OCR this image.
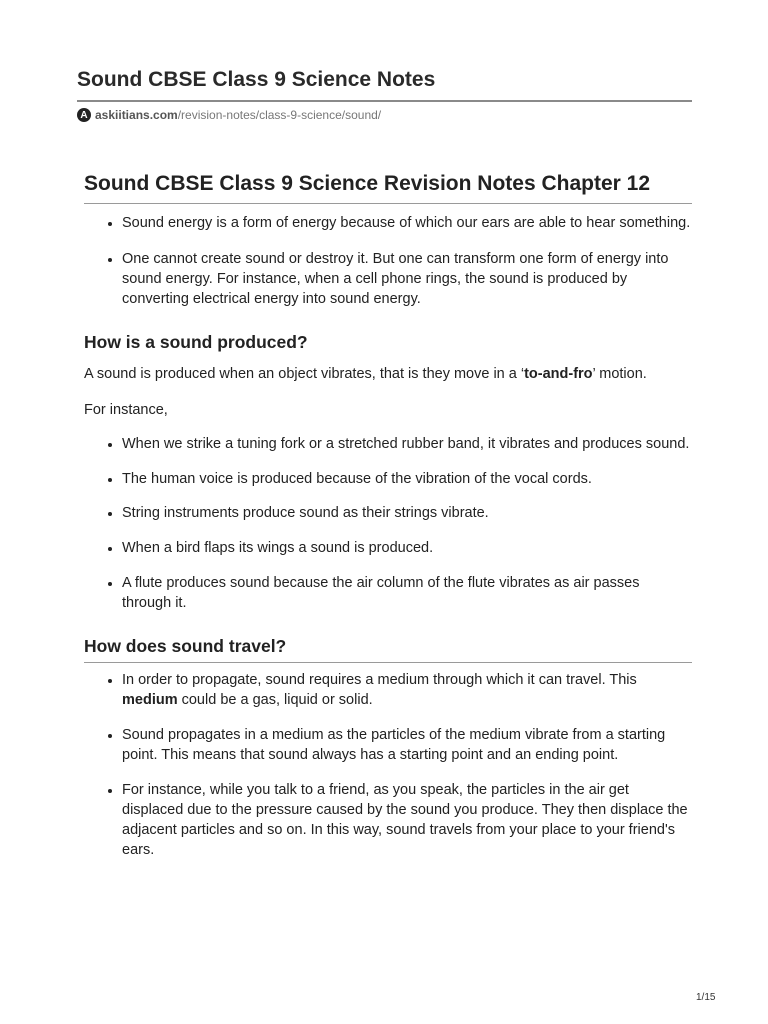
Sound CBSE Class 9 Science Notes
A askiitians.com /revision-notes/class-9-science/sound/
Sound CBSE Class 9 Science Revision Notes Chapter 12
• Sound energy is a form of energy because of which our ears are able to hear something.
• One cannot create sound or destroy it. But one can transform one form of energy into sound energy. For instance, when a cell phone rings, the sound is produced by converting electrical energy into sound energy.
How is a sound produced?

A sound is produced when an object vibrates, that is they move in a ‘to-and-fro’ motion.

For instance,

• When we strike a tuning fork or a stretched rubber band, it vibrates and produces sound.
• The human voice is produced because of the vibration of the vocal cords.
• String instruments produce sound as their strings vibrate.
• When a bird flaps its wings a sound is produced.
• A flute produces sound because the air column of the flute vibrates as air passes through it.
How does sound travel?
• In order to propagate, sound requires a medium through which it can travel. This medium could be a gas, liquid or solid.
• Sound propagates in a medium as the particles of the medium vibrate from a starting point. This means that sound always has a starting point and an ending point.
• For instance, while you talk to a friend, as you speak, the particles in the air get displaced due to the pressure caused by the sound you produce. They then displace the adjacent particles and so on. In this way, sound travels from your place to your friend's ears.
1/15
